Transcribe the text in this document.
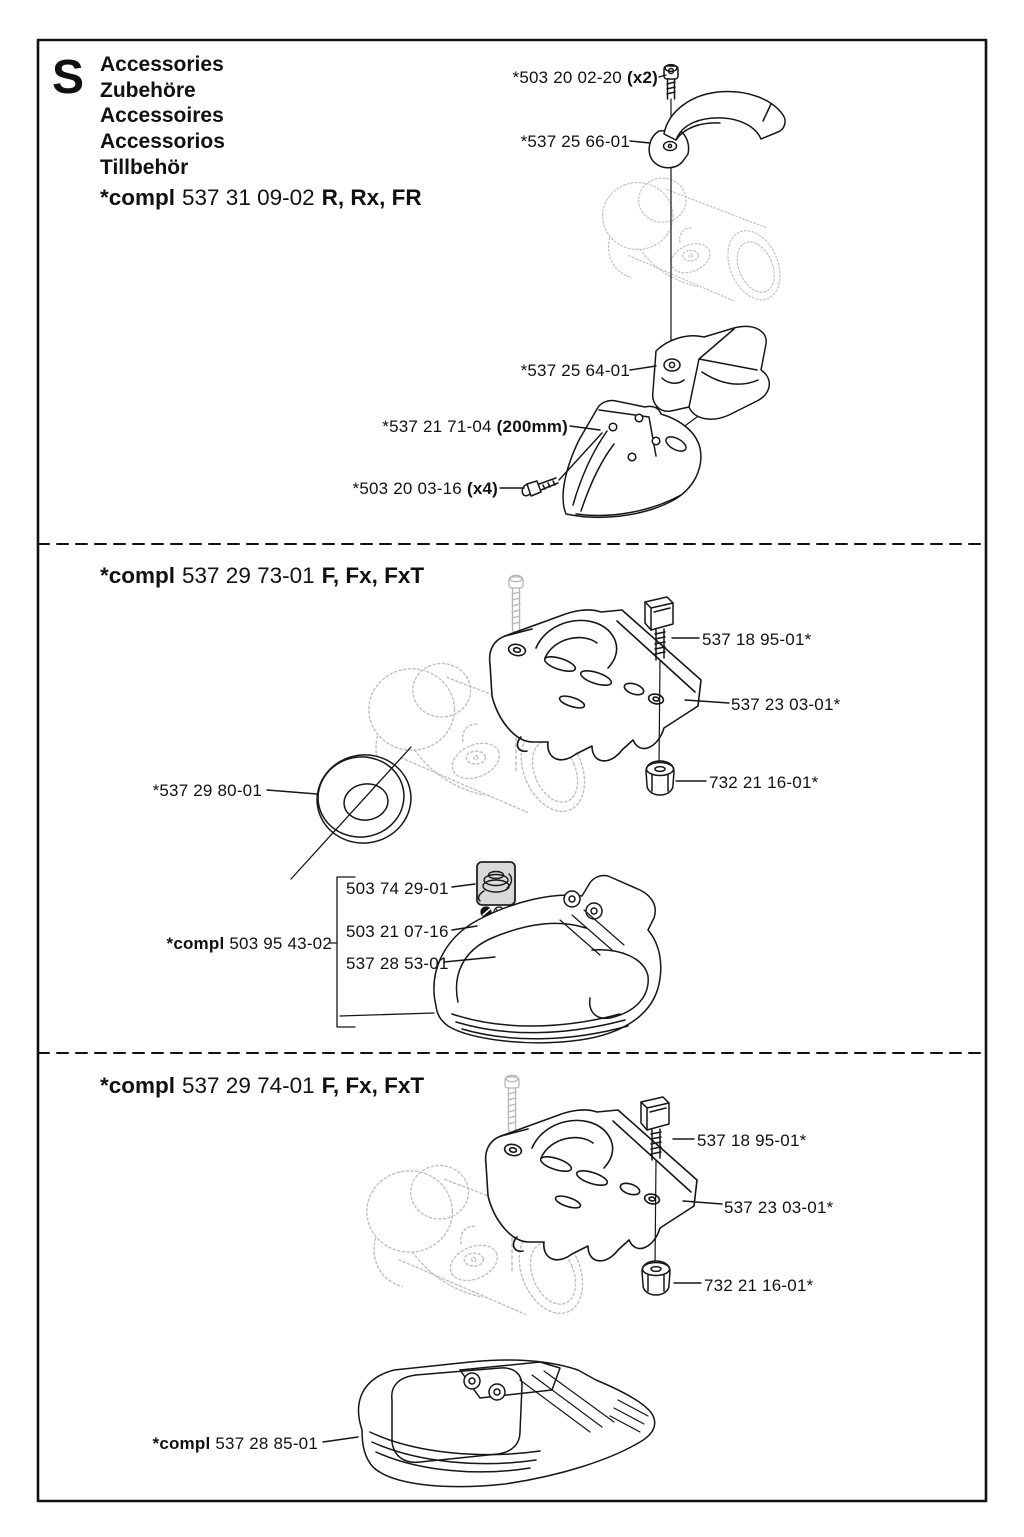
S Accessories
Zubehöre
Accessoires
Accessorios
Tillbehör
*compl 537 31 09-02 R, Rx, FR
*503 20 02-20 (x2)
*537 25 66-01
*537 25 64-01
*537 21 71-04 (200mm)
*503 20 03-16 (x4)
*compl 537 29 73-01 F, Fx, FxT
537 18 95-01*
537 23 03-01*
732 21 16-01*
*537 29 80-01
*compl 503 95 43-02
503 74 29-01
503 21 07-16
537 28 53-01
*compl 537 29 74-01 F, Fx, FxT
537 18 95-01*
537 23 03-01*
732 21 16-01*
*compl 537 28 85-01
